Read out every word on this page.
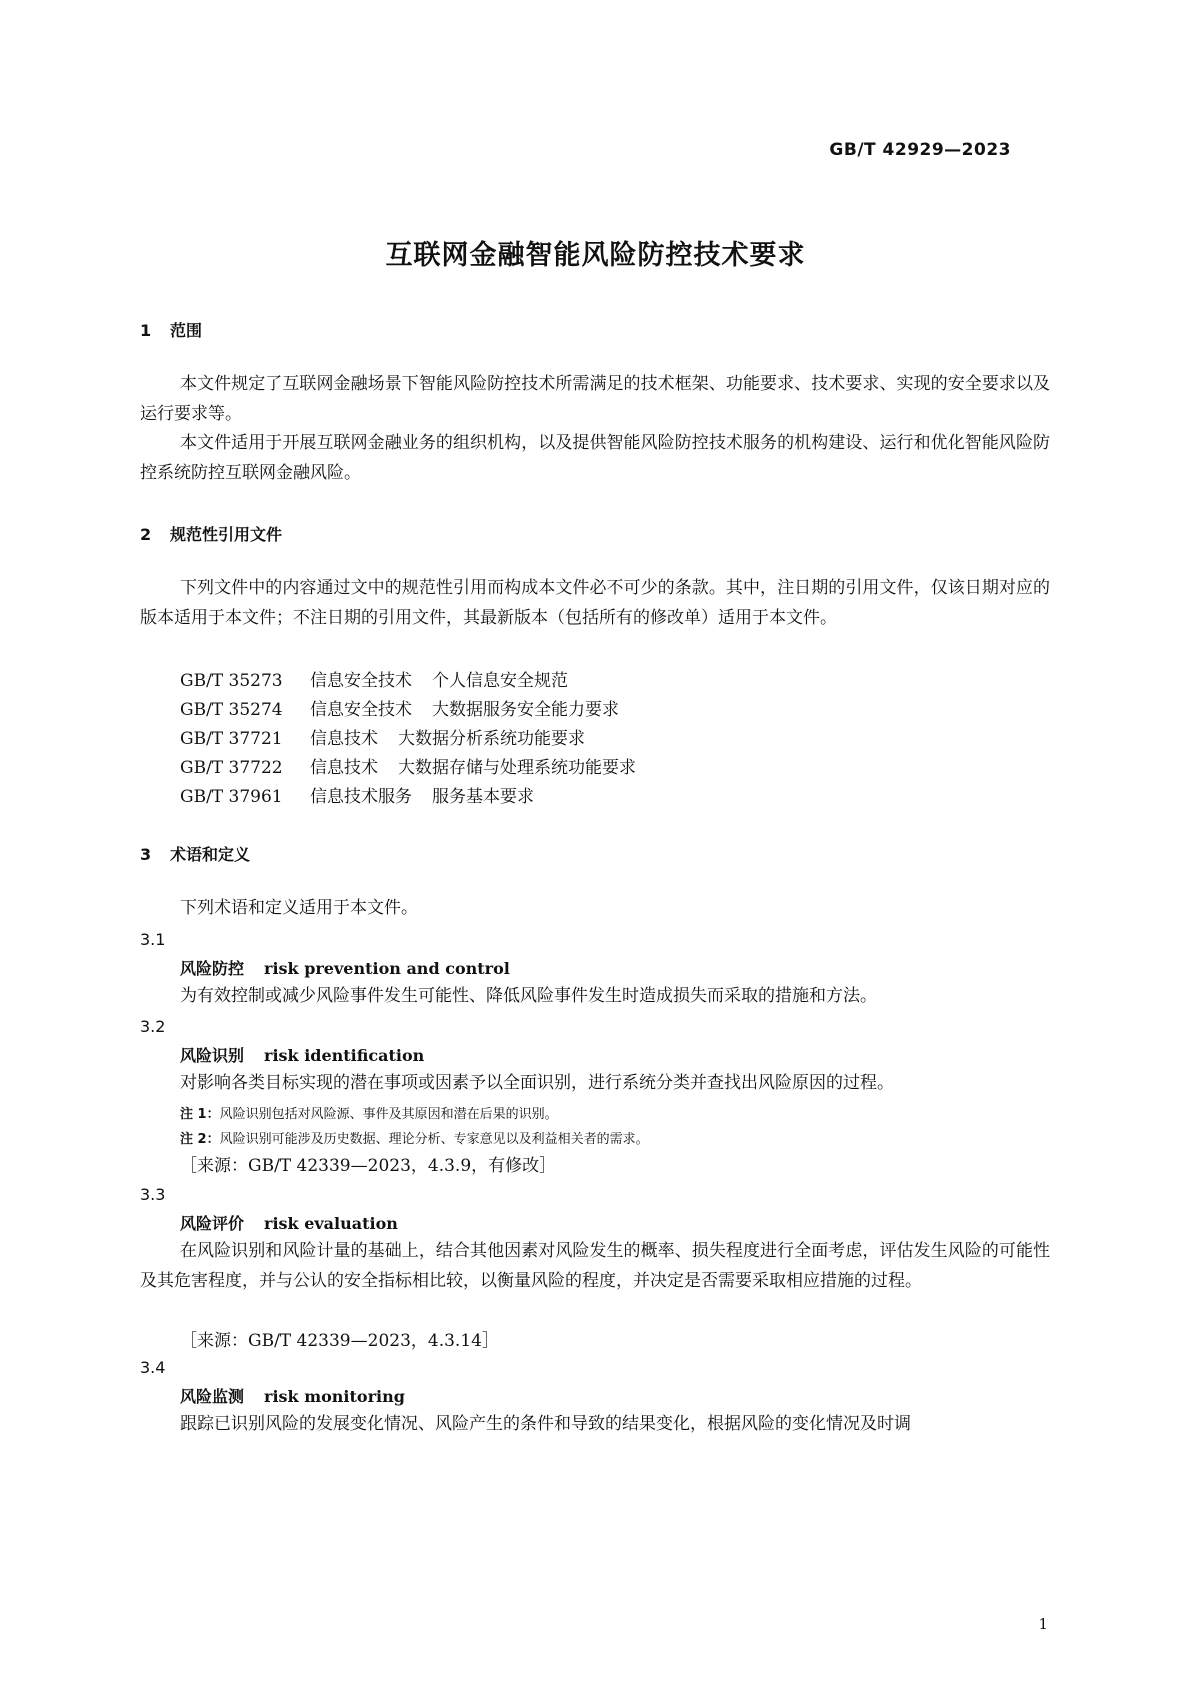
GB/T 42929—2023
互联网金融智能风险防控技术要求
1 范围
本文件规定了互联网金融场景下智能风险防控技术所需满足的技术框架、功能要求、技术要求、实现的安全要求以及运行要求等。
本文件适用于开展互联网金融业务的组织机构，以及提供智能风险防控技术服务的机构建设、运行和优化智能风险防控系统防控互联网金融风险。
2 规范性引用文件
下列文件中的内容通过文中的规范性引用而构成本文件必不可少的条款。其中，注日期的引用文件，仅该日期对应的版本适用于本文件；不注日期的引用文件，其最新版本（包括所有的修改单）适用于本文件。
GB/T 35273 信息安全技术 个人信息安全规范
GB/T 35274 信息安全技术 大数据服务安全能力要求
GB/T 37721 信息技术 大数据分析系统功能要求
GB/T 37722 信息技术 大数据存储与处理系统功能要求
GB/T 37961 信息技术服务 服务基本要求
3 术语和定义
下列术语和定义适用于本文件。
3.1
风险防控 risk prevention and control
为有效控制或减少风险事件发生可能性、降低风险事件发生时造成损失而采取的措施和方法。
3.2
风险识别 risk identification
对影响各类目标实现的潜在事项或因素予以全面识别，进行系统分类并查找出风险原因的过程。
注 1：风险识别包括对风险源、事件及其原因和潜在后果的识别。
注 2：风险识别可能涉及历史数据、理论分析、专家意见以及利益相关者的需求。
［来源：GB/T 42339—2023，4.3.9，有修改］
3.3
风险评价 risk evaluation
在风险识别和风险计量的基础上，结合其他因素对风险发生的概率、损失程度进行全面考虑，评估发生风险的可能性及其危害程度，并与公认的安全指标相比较，以衡量风险的程度，并决定是否需要采取相应措施的过程。
［来源：GB/T 42339—2023，4.3.14］
3.4
风险监测 risk monitoring
跟踪已识别风险的发展变化情况、风险产生的条件和导致的结果变化，根据风险的变化情况及时调
1
